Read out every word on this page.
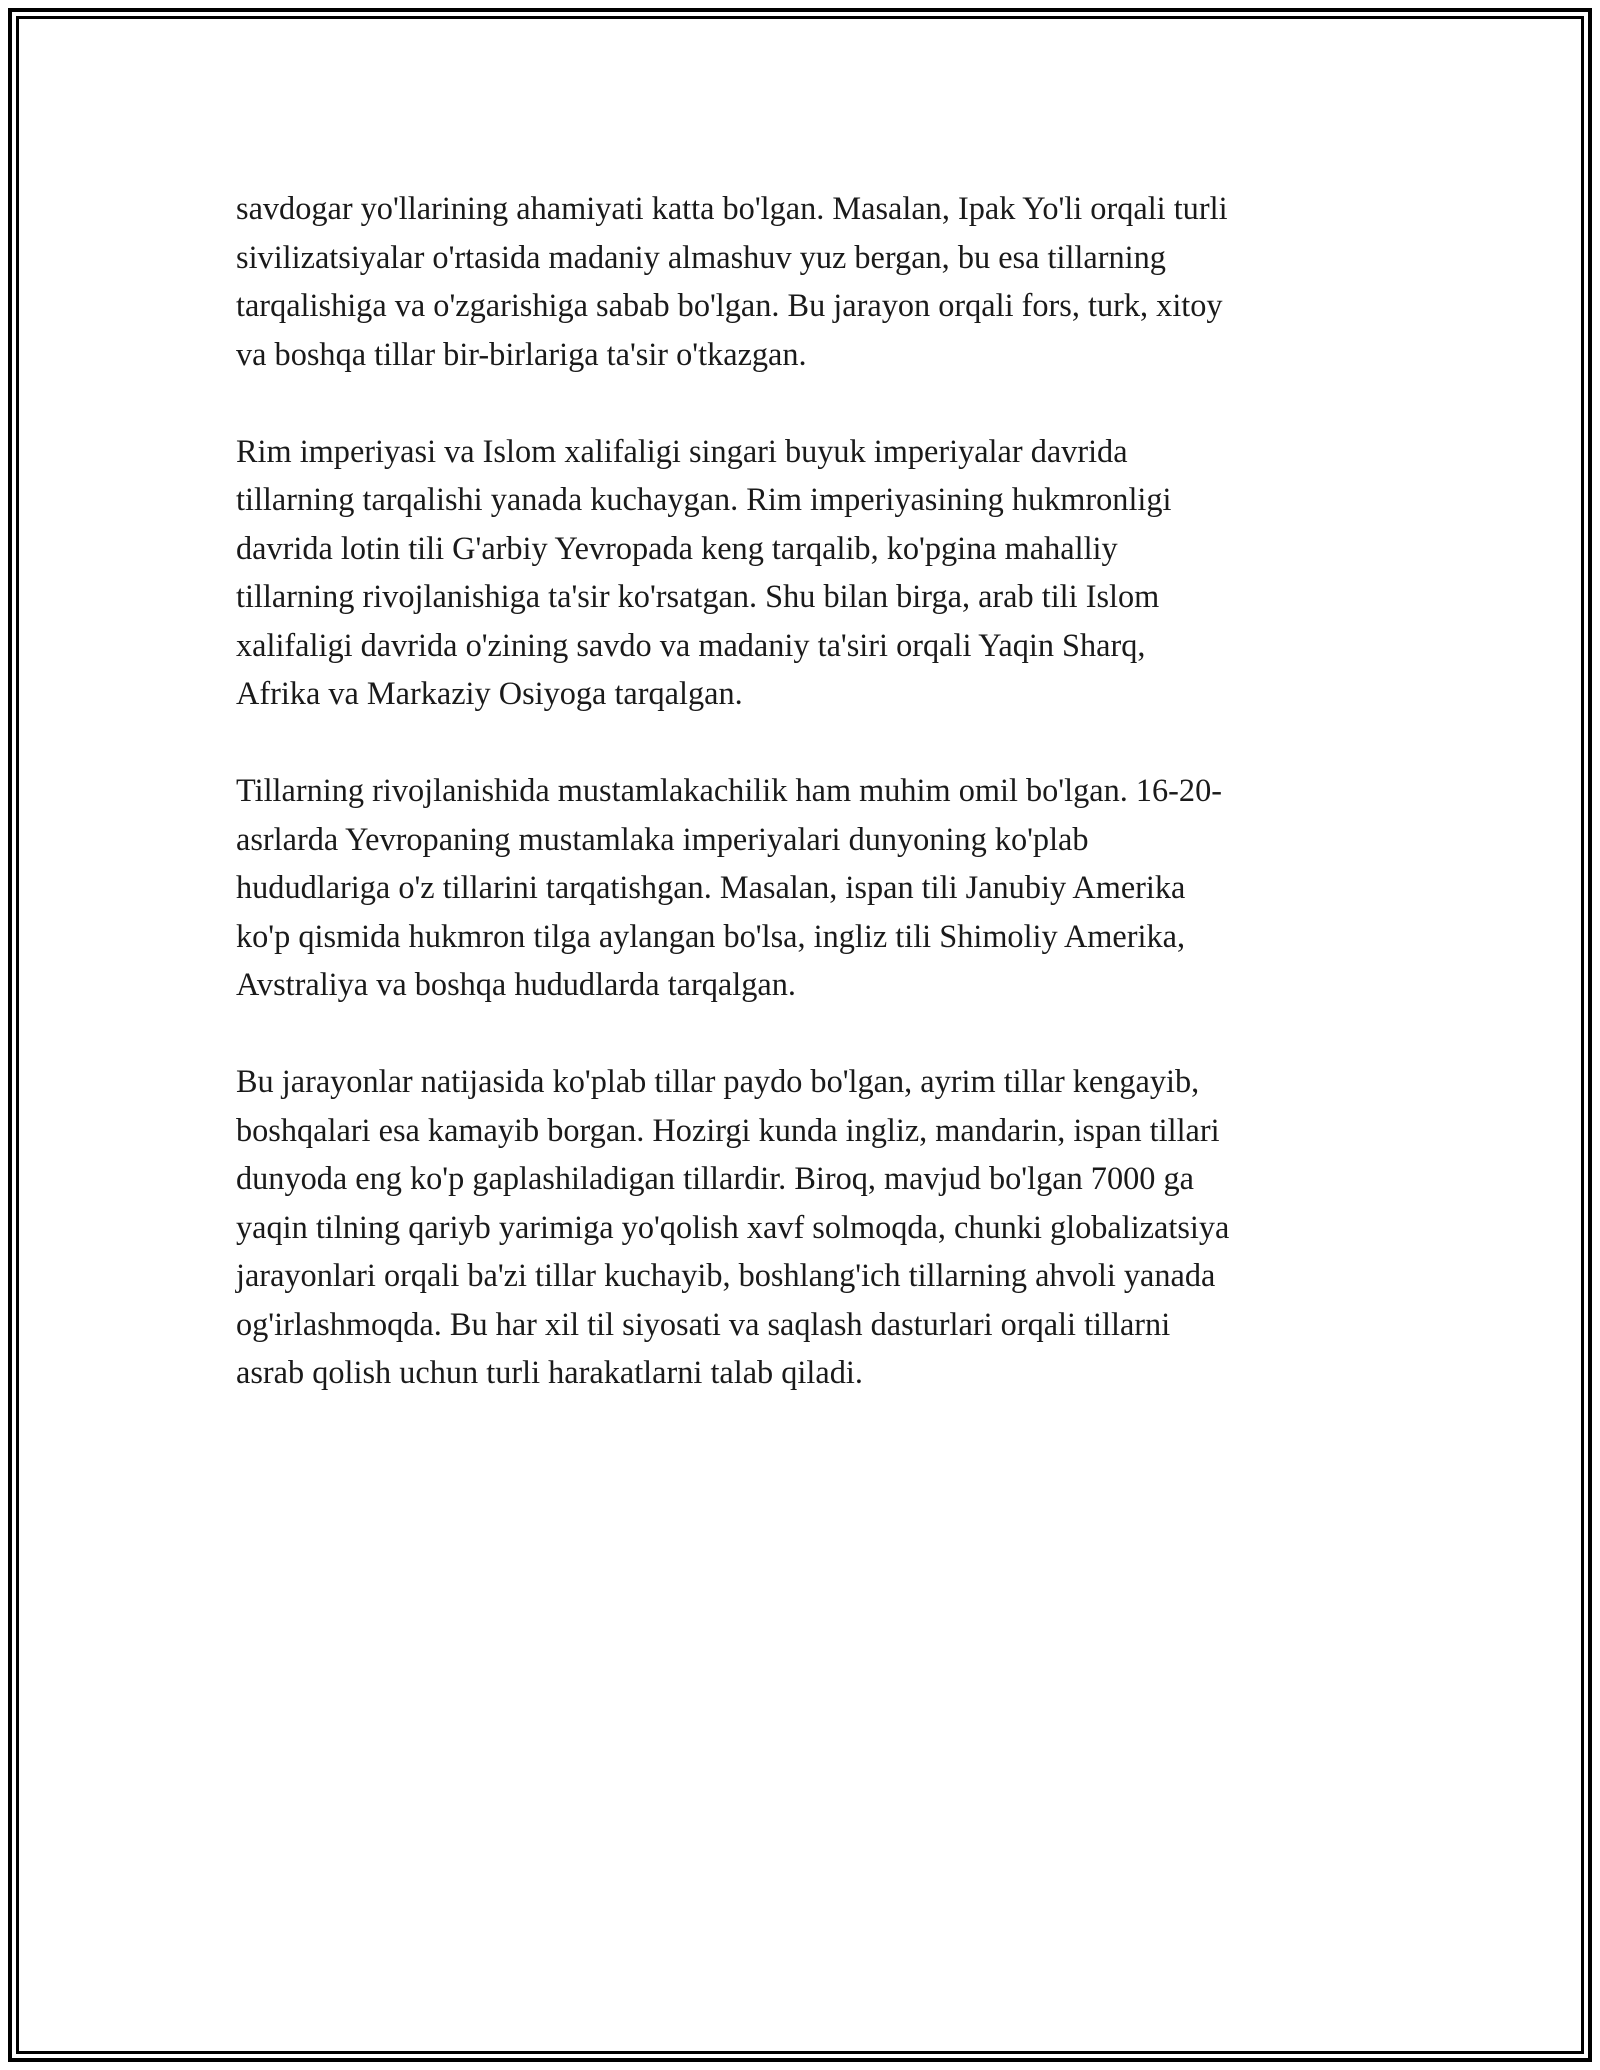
savdogar yo'llarining ahamiyati katta bo'lgan. Masalan, Ipak Yo'li orqali turli
sivilizatsiyalar o'rtasida madaniy almashuv yuz bergan, bu esa tillarning
tarqalishiga va o'zgarishiga sabab bo'lgan. Bu jarayon orqali fors, turk, xitoy
va boshqa tillar bir-birlariga ta'sir o'tkazgan.
Rim imperiyasi va Islom xalifaligi singari buyuk imperiyalar davrida
tillarning tarqalishi yanada kuchaygan. Rim imperiyasining hukmronligi
davrida lotin tili G'arbiy Yevropada keng tarqalib, ko'pgina mahalliy
tillarning rivojlanishiga ta'sir ko'rsatgan. Shu bilan birga, arab tili Islom
xalifaligi davrida o'zining savdo va madaniy ta'siri orqali Yaqin Sharq,
Afrika va Markaziy Osiyoga tarqalgan.
Tillarning rivojlanishida mustamlakachilik ham muhim omil bo'lgan. 16-20-
asrlarda Yevropaning mustamlaka imperiyalari dunyoning ko'plab
hududlariga o'z tillarini tarqatishgan. Masalan, ispan tili Janubiy Amerika
ko'p qismida hukmron tilga aylangan bo'lsa, ingliz tili Shimoliy Amerika,
Avstraliya va boshqa hududlarda tarqalgan.
Bu jarayonlar natijasida ko'plab tillar paydo bo'lgan, ayrim tillar kengayib,
boshqalari esa kamayib borgan. Hozirgi kunda ingliz, mandarin, ispan tillari
dunyoda eng ko'p gaplashiladigan tillardir. Biroq, mavjud bo'lgan 7000 ga
yaqin tilning qariyb yarimiga yo'qolish xavf solmoqda, chunki globalizatsiya
jarayonlari orqali ba'zi tillar kuchayib, boshlang'ich tillarning ahvoli yanada
og'irlashmoqda. Bu har xil til siyosati va saqlash dasturlari orqali tillarni
asrab qolish uchun turli harakatlarni talab qiladi.
